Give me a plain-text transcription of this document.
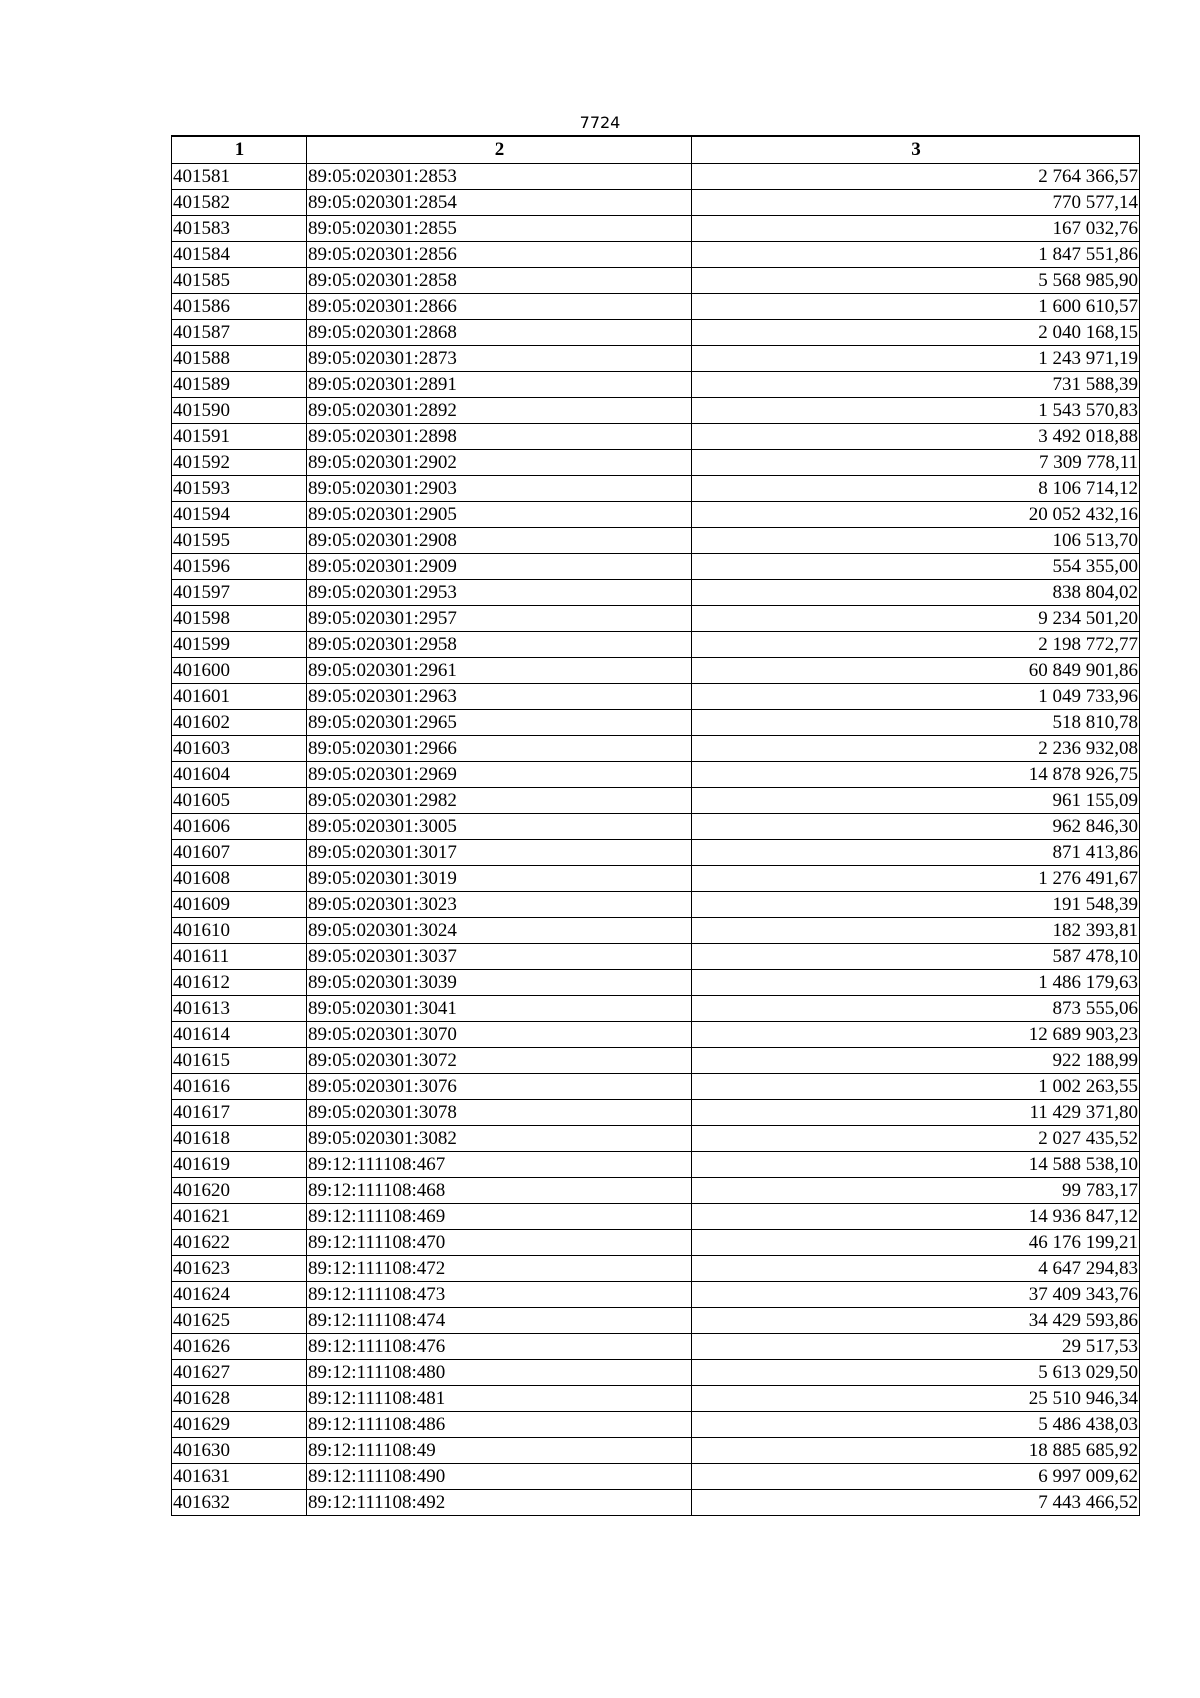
7724
1	2	3
401581	89:05:020301:2853	2 764 366,57
401582	89:05:020301:2854	770 577,14
401583	89:05:020301:2855	167 032,76
401584	89:05:020301:2856	1 847 551,86
401585	89:05:020301:2858	5 568 985,90
401586	89:05:020301:2866	1 600 610,57
401587	89:05:020301:2868	2 040 168,15
401588	89:05:020301:2873	1 243 971,19
401589	89:05:020301:2891	731 588,39
401590	89:05:020301:2892	1 543 570,83
401591	89:05:020301:2898	3 492 018,88
401592	89:05:020301:2902	7 309 778,11
401593	89:05:020301:2903	8 106 714,12
401594	89:05:020301:2905	20 052 432,16
401595	89:05:020301:2908	106 513,70
401596	89:05:020301:2909	554 355,00
401597	89:05:020301:2953	838 804,02
401598	89:05:020301:2957	9 234 501,20
401599	89:05:020301:2958	2 198 772,77
401600	89:05:020301:2961	60 849 901,86
401601	89:05:020301:2963	1 049 733,96
401602	89:05:020301:2965	518 810,78
401603	89:05:020301:2966	2 236 932,08
401604	89:05:020301:2969	14 878 926,75
401605	89:05:020301:2982	961 155,09
401606	89:05:020301:3005	962 846,30
401607	89:05:020301:3017	871 413,86
401608	89:05:020301:3019	1 276 491,67
401609	89:05:020301:3023	191 548,39
401610	89:05:020301:3024	182 393,81
401611	89:05:020301:3037	587 478,10
401612	89:05:020301:3039	1 486 179,63
401613	89:05:020301:3041	873 555,06
401614	89:05:020301:3070	12 689 903,23
401615	89:05:020301:3072	922 188,99
401616	89:05:020301:3076	1 002 263,55
401617	89:05:020301:3078	11 429 371,80
401618	89:05:020301:3082	2 027 435,52
401619	89:12:111108:467	14 588 538,10
401620	89:12:111108:468	99 783,17
401621	89:12:111108:469	14 936 847,12
401622	89:12:111108:470	46 176 199,21
401623	89:12:111108:472	4 647 294,83
401624	89:12:111108:473	37 409 343,76
401625	89:12:111108:474	34 429 593,86
401626	89:12:111108:476	29 517,53
401627	89:12:111108:480	5 613 029,50
401628	89:12:111108:481	25 510 946,34
401629	89:12:111108:486	5 486 438,03
401630	89:12:111108:49	18 885 685,92
401631	89:12:111108:490	6 997 009,62
401632	89:12:111108:492	7 443 466,52
